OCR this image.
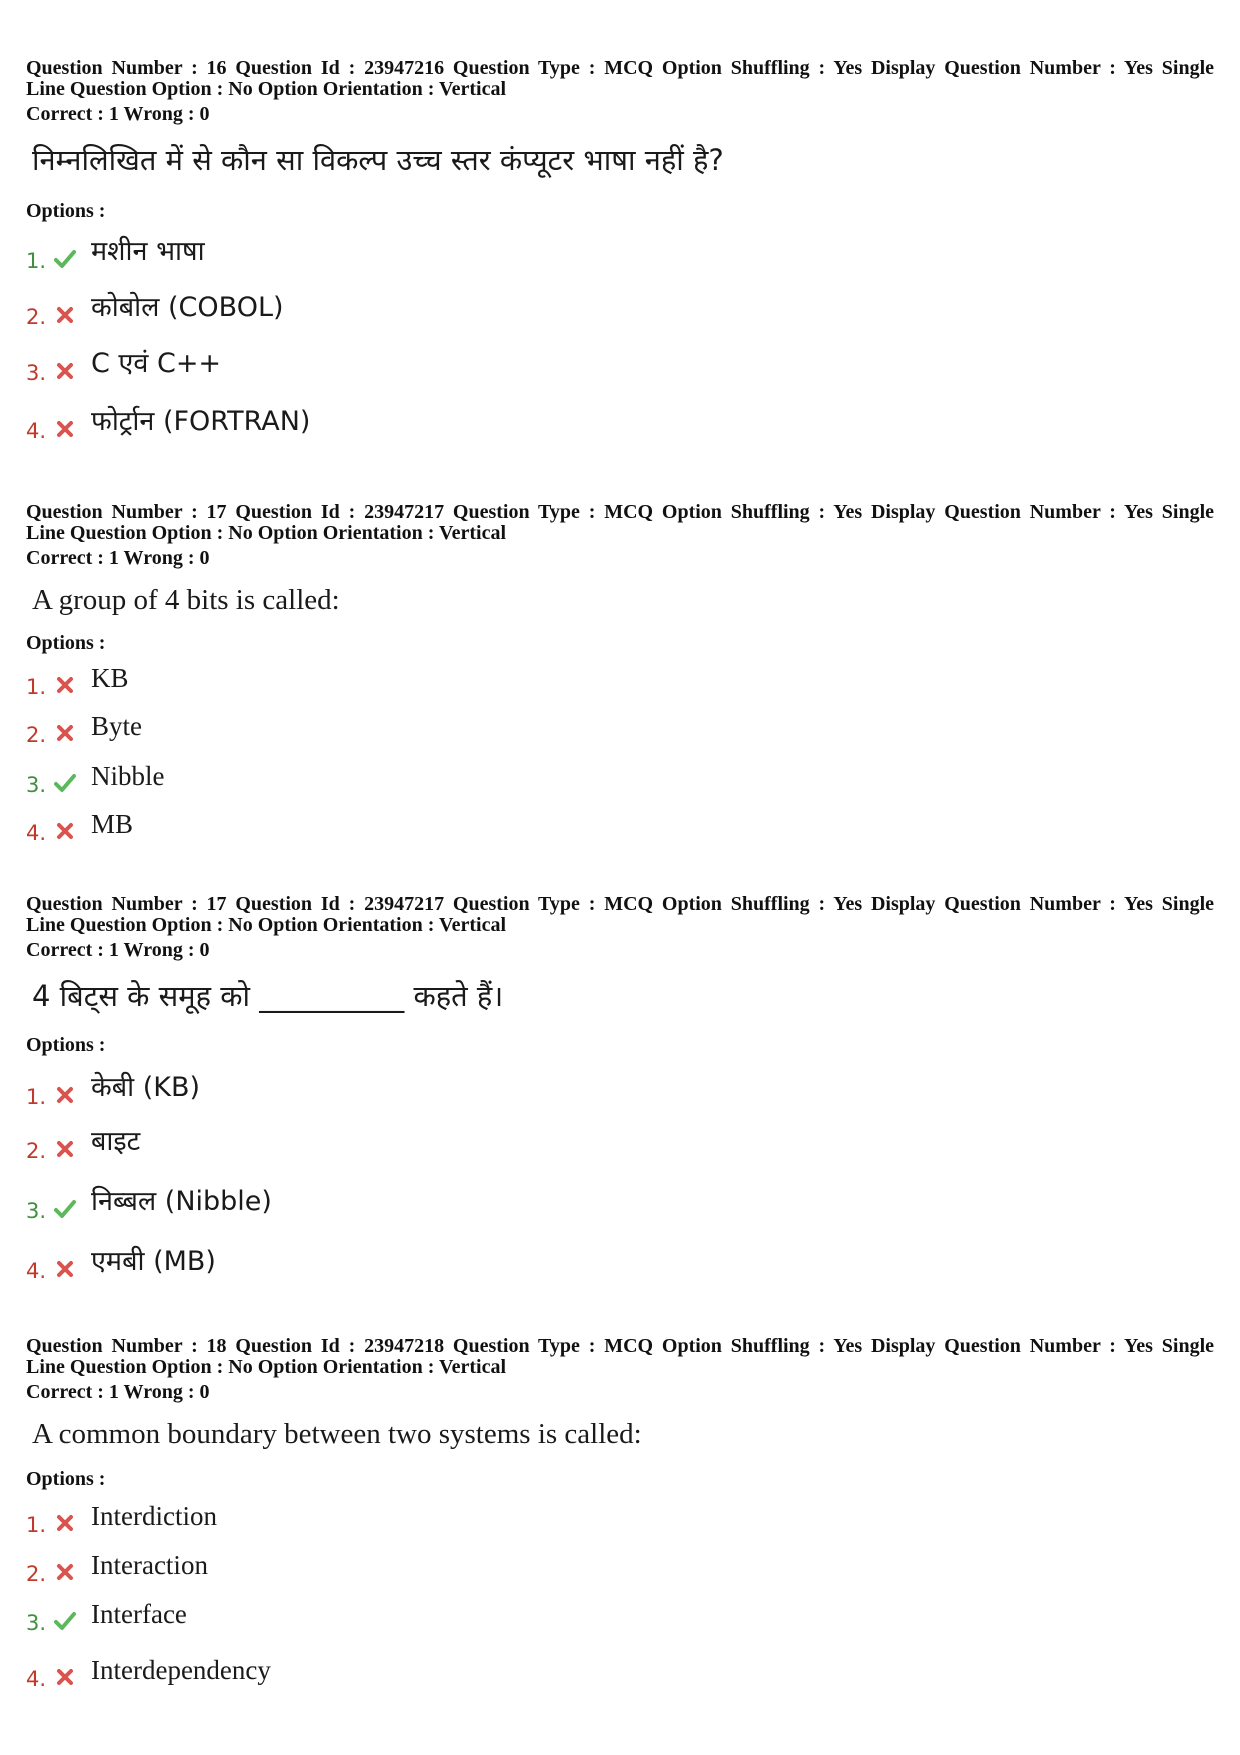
Question Number : 16 Question Id : 23947216 Question Type : MCQ Option Shuffling : Yes Display Question Number : Yes Single

Line Question Option : No Option Orientation : Vertical

Correct : 1 Wrong : 0
निम्नलिखित में से कौन सा विकल्प उच्च स्तर कंप्यूटर भाषा नहीं है?
Options :
1. मशीन भाषा
2. कोबोल (COBOL)
3. C एवं C++
4. फोर्ट्रान (FORTRAN)

Question Number : 17 Question Id : 23947217 Question Type : MCQ Option Shuffling : Yes Display Question Number : Yes Single

Line Question Option : No Option Orientation : Vertical

Correct : 1 Wrong : 0
A group of 4 bits is called:
Options :
1. KB
2. Byte
3. Nibble
4. MB

Question Number : 17 Question Id : 23947217 Question Type : MCQ Option Shuffling : Yes Display Question Number : Yes Single

Line Question Option : No Option Orientation : Vertical

Correct : 1 Wrong : 0
4 बिट्स के समूह को __________ कहते हैं।
Options :
1. केबी (KB)
2. बाइट
3. निब्बल (Nibble)
4. एमबी (MB)

Question Number : 18 Question Id : 23947218 Question Type : MCQ Option Shuffling : Yes Display Question Number : Yes Single

Line Question Option : No Option Orientation : Vertical

Correct : 1 Wrong : 0
A common boundary between two systems is called:
Options :
1. Interdiction
2. Interaction
3. Interface
4. Interdependency
